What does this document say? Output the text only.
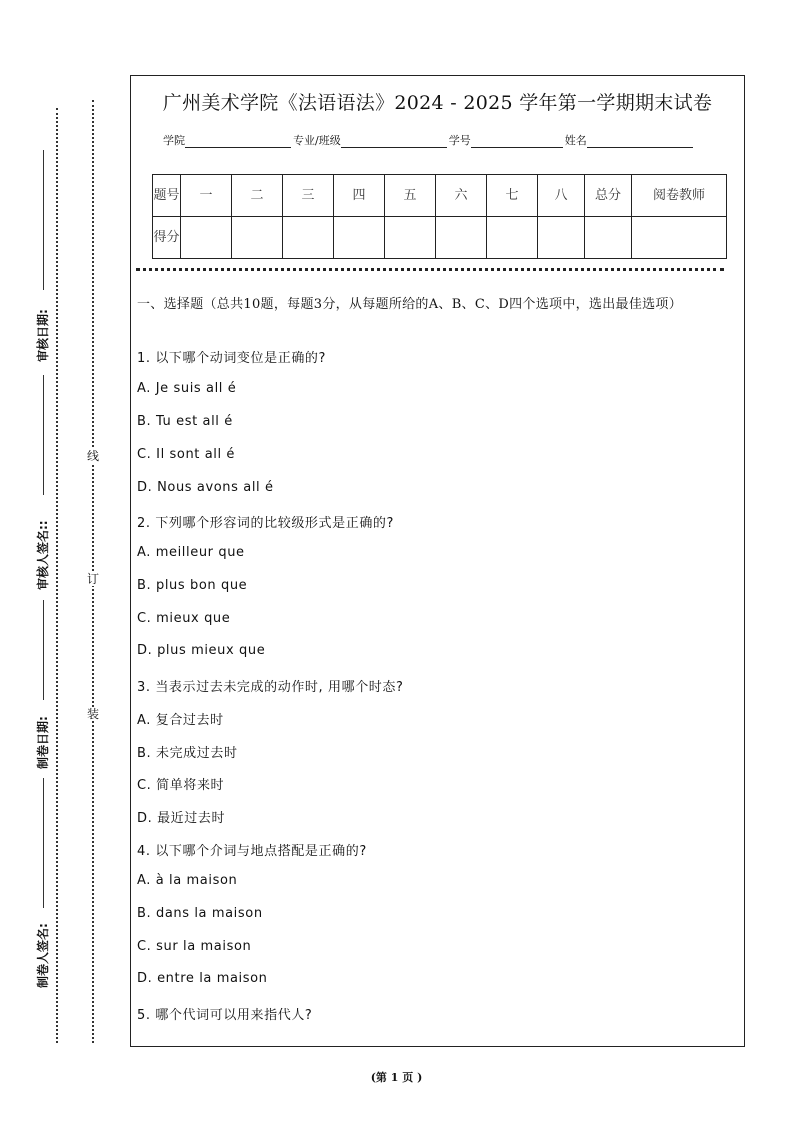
审核日期:
审核人签名::
制卷日期:
制卷人签名:
线
订
装
广州美术学院《法语语法》2024 - 2025 学年第一学期期末试卷
学院	专业/班级	学号	姓名
题号	一	二	三	四	五	六	七	八	总分	阅卷教师
得分										
一、选择题（总共10题，每题3分，从每题所给的A、B、C、D四个选项中，选出最佳选项）
1. 以下哪个动词变位是正确的?
A. Je suis all é
B. Tu est all é
C. Il sont all é
D. Nous avons all é
2. 下列哪个形容词的比较级形式是正确的?
A. meilleur que
B. plus bon que
C. mieux que
D. plus mieux que
3. 当表示过去未完成的动作时, 用哪个时态?
A. 复合过去时
B. 未完成过去时
C. 简单将来时
D. 最近过去时
4. 以下哪个介词与地点搭配是正确的?
A. à la maison
B. dans la maison
C. sur la maison
D. entre la maison
5. 哪个代词可以用来指代人?
(第 1 页 )
